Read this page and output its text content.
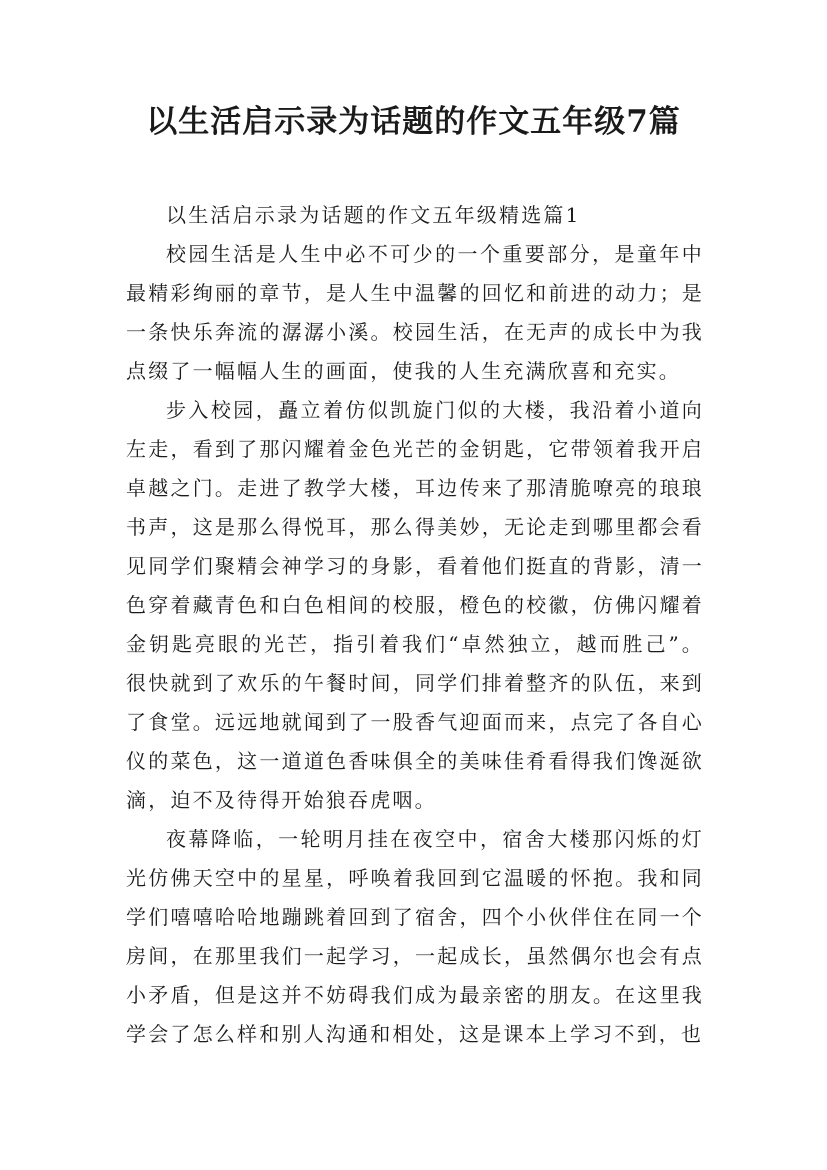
以生活启示录为话题的作文五年级7篇

以生活启示录为话题的作文五年级精选篇1

校园生活是人生中必不可少的一个重要部分，是童年中最精彩绚丽的章节，是人生中温馨的回忆和前进的动力；是一条快乐奔流的潺潺小溪。校园生活，在无声的成长中为我点缀了一幅幅人生的画面，使我的人生充满欣喜和充实。

步入校园，矗立着仿似凯旋门似的大楼，我沿着小道向左走，看到了那闪耀着金色光芒的金钥匙，它带领着我开启卓越之门。走进了教学大楼，耳边传来了那清脆嘹亮的琅琅书声，这是那么得悦耳，那么得美妙，无论走到哪里都会看见同学们聚精会神学习的身影，看着他们挺直的背影，清一色穿着藏青色和白色相间的校服，橙色的校徽，仿佛闪耀着金钥匙亮眼的光芒，指引着我们“卓然独立，越而胜己”。很快就到了欢乐的午餐时间，同学们排着整齐的队伍，来到了食堂。远远地就闻到了一股香气迎面而来，点完了各自心仪的菜色，这一道道色香味俱全的美味佳肴看得我们馋涎欲滴，迫不及待得开始狼吞虎咽。

夜幕降临，一轮明月挂在夜空中，宿舍大楼那闪烁的灯光仿佛天空中的星星，呼唤着我回到它温暖的怀抱。我和同学们嘻嘻哈哈地蹦跳着回到了宿舍，四个小伙伴住在同一个房间，在那里我们一起学习，一起成长，虽然偶尔也会有点小矛盾，但是这并不妨碍我们成为最亲密的朋友。在这里我学会了怎么样和别人沟通和相处，这是课本上学习不到，也
